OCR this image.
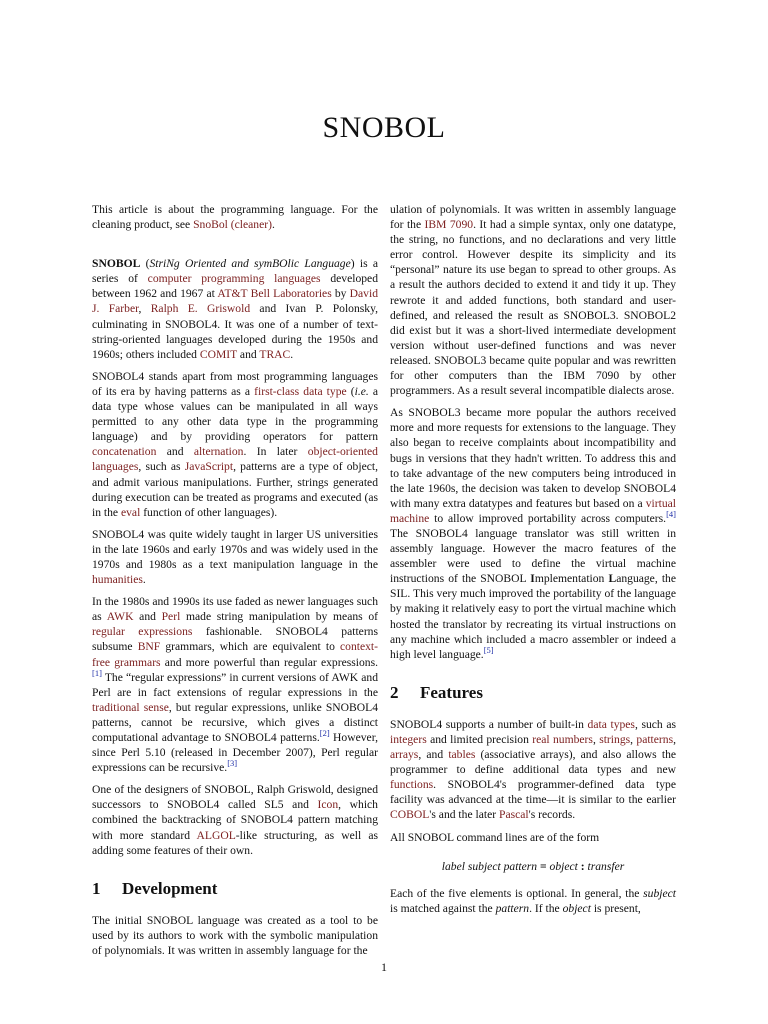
SNOBOL

This article is about the programming language. For the cleaning product, see SnoBol (cleaner).

SNOBOL (StriNg Oriented and symBOlic Language) is a series of computer programming languages developed between 1962 and 1967 at AT&T Bell Laboratories by David J. Farber, Ralph E. Griswold and Ivan P. Polonsky, culminating in SNOBOL4. It was one of a number of text-string-oriented languages developed during the 1950s and 1960s; others included COMIT and TRAC.

SNOBOL4 stands apart from most programming languages of its era by having patterns as a first-class data type (i.e. a data type whose values can be manipulated in all ways permitted to any other data type in the programming language) and by providing operators for pattern concatenation and alternation. In later object-oriented languages, such as JavaScript, patterns are a type of object, and admit various manipulations. Further, strings generated during execution can be treated as programs and executed (as in the eval function of other languages).

SNOBOL4 was quite widely taught in larger US universities in the late 1960s and early 1970s and was widely used in the 1970s and 1980s as a text manipulation language in the humanities.

In the 1980s and 1990s its use faded as newer languages such as AWK and Perl made string manipulation by means of regular expressions fashionable. SNOBOL4 patterns subsume BNF grammars, which are equivalent to context-free grammars and more powerful than regular expressions.[1] The “regular expressions” in current versions of AWK and Perl are in fact extensions of regular expressions in the traditional sense, but regular expressions, unlike SNOBOL4 patterns, cannot be recursive, which gives a distinct computational advantage to SNOBOL4 patterns.[2] However, since Perl 5.10 (released in December 2007), Perl regular expressions can be recursive.[3]

One of the designers of SNOBOL, Ralph Griswold, designed successors to SNOBOL4 called SL5 and Icon, which combined the backtracking of SNOBOL4 pattern matching with more standard ALGOL-like structuring, as well as adding some features of their own.

1 Development

The initial SNOBOL language was created as a tool to be used by its authors to work with the symbolic manipulation of polynomials. It was written in assembly language for the

ulation of polynomials. It was written in assembly language for the IBM 7090. It had a simple syntax, only one datatype, the string, no functions, and no declarations and very little error control. However despite its simplicity and its “personal” nature its use began to spread to other groups. As a result the authors decided to extend it and tidy it up. They rewrote it and added functions, both standard and user-defined, and released the result as SNOBOL3. SNOBOL2 did exist but it was a short-lived intermediate development version without user-defined functions and was never released. SNOBOL3 became quite popular and was rewritten for other computers than the IBM 7090 by other programmers. As a result several incompatible dialects arose.

As SNOBOL3 became more popular the authors received more and more requests for extensions to the language. They also began to receive complaints about incompatibility and bugs in versions that they hadn't written. To address this and to take advantage of the new computers being introduced in the late 1960s, the decision was taken to develop SNOBOL4 with many extra datatypes and features but based on a virtual machine to allow improved portability across computers.[4] The SNOBOL4 language translator was still written in assembly language. However the macro features of the assembler were used to define the virtual machine instructions of the SNOBOL Implementation Language, the SIL. This very much improved the portability of the language by making it relatively easy to port the virtual machine which hosted the translator by recreating its virtual instructions on any machine which included a macro assembler or indeed a high level language.[5]

2 Features

SNOBOL4 supports a number of built-in data types, such as integers and limited precision real numbers, strings, patterns, arrays, and tables (associative arrays), and also allows the programmer to define additional data types and new functions. SNOBOL4's programmer-defined data type facility was advanced at the time—it is similar to the earlier COBOL's and the later Pascal's records.

All SNOBOL command lines are of the form

label subject pattern = object : transfer

Each of the five elements is optional. In general, the subject is matched against the pattern. If the object is present,

1
